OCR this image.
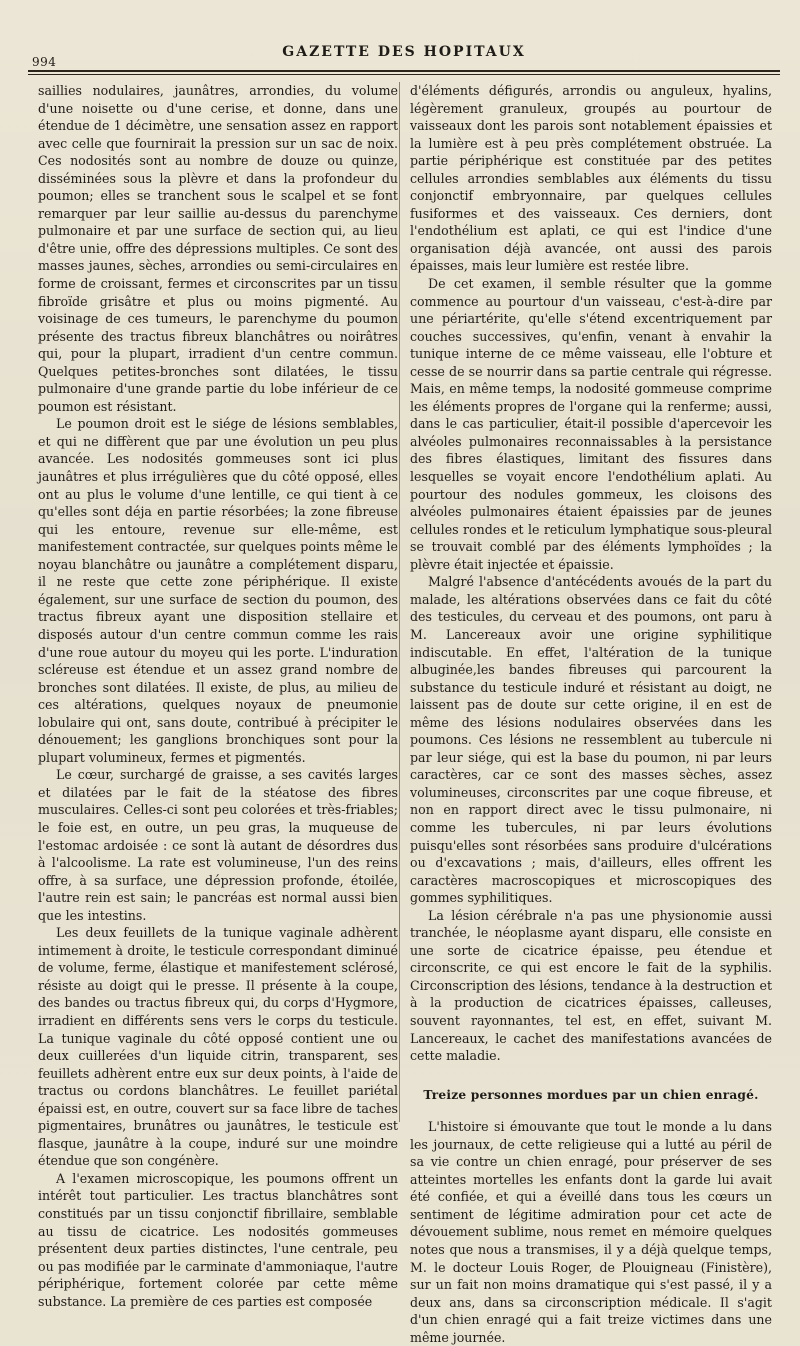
994
GAZETTE DES HOPITAUX

saillies nodulaires, jaunâtres, arrondies, du volume d'une noisette ou d'une cerise, et donne, dans une étendue de 1 décimètre, une sensation assez en rapport avec celle que fournirait la pression sur un sac de noix. Ces nodosités sont au nombre de douze ou quinze, disséminées sous la plèvre et dans la profondeur du poumon; elles se tranchent sous le scalpel et se font remarquer par leur saillie au-dessus du parenchyme pulmonaire et par une surface de section qui, au lieu d'être unie, offre des dépressions multiples. Ce sont des masses jaunes, sèches, arrondies ou semi-circulaires en forme de croissant, fermes et circonscrites par un tissu fibroïde grisâtre et plus ou moins pigmenté. Au voisinage de ces tumeurs, le parenchyme du poumon présente des tractus fibreux blanchâtres ou noirâtres qui, pour la plupart, irradient d'un centre commun. Quelques petites-bronches sont dilatées, le tissu pulmonaire d'une grande partie du lobe inférieur de ce poumon est résistant.

Le poumon droit est le siége de lésions semblables, et qui ne diffèrent que par une évolution un peu plus avancée. Les nodosités gommeuses sont ici plus jaunâtres et plus irrégulières que du côté opposé, elles ont au plus le volume d'une lentille, ce qui tient à ce qu'elles sont déja en partie résorbées; la zone fibreuse qui les entoure, revenue sur elle-même, est manifestement contractée, sur quelques points même le noyau blanchâtre ou jaunâtre a complétement disparu, il ne reste que cette zone périphérique. Il existe également, sur une surface de section du poumon, des tractus fibreux ayant une disposition stellaire et disposés autour d'un centre commun comme les rais d'une roue autour du moyeu qui les porte. L'induration scléreuse est étendue et un assez grand nombre de bronches sont dilatées. Il existe, de plus, au milieu de ces altérations, quelques noyaux de pneumonie lobulaire qui ont, sans doute, contribué à précipiter le dénouement; les ganglions bronchiques sont pour la plupart volumineux, fermes et pigmentés.

Le cœur, surchargé de graisse, a ses cavités larges et dilatées par le fait de la stéatose des fibres musculaires. Celles-ci sont peu colorées et très-friables; le foie est, en outre, un peu gras, la muqueuse de l'estomac ardoisée : ce sont là autant de désordres dus à l'alcoolisme. La rate est volumineuse, l'un des reins offre, à sa surface, une dépression profonde, étoilée, l'autre rein est sain; le pancréas est normal aussi bien que les intestins.

Les deux feuillets de la tunique vaginale adhèrent intimement à droite, le testicule correspondant diminué de volume, ferme, élastique et manifestement sclérosé, résiste au doigt qui le presse. Il présente à la coupe, des bandes ou tractus fibreux qui, du corps d'Hygmore, irradient en différents sens vers le corps du testicule. La tunique vaginale du côté opposé contient une ou deux cuillerées d'un liquide citrin, transparent, ses feuillets adhèrent entre eux sur deux points, à l'aide de tractus ou cordons blanchâtres. Le feuillet pariétal épaissi est, en outre, couvert sur sa face libre de taches pigmentaires, brunâtres ou jaunâtres, le testicule est flasque, jaunâtre à la coupe, induré sur une moindre étendue que son congénère.

A l'examen microscopique, les poumons offrent un intérêt tout particulier. Les tractus blanchâtres sont constitués par un tissu conjonctif fibrillaire, semblable au tissu de cicatrice. Les nodosités gommeuses présentent deux parties distinctes, l'une centrale, peu ou pas modifiée par le carminate d'ammoniaque, l'autre périphérique, fortement colorée par cette même substance. La première de ces parties est composée

d'éléments défigurés, arrondis ou anguleux, hyalins, légèrement granuleux, groupés au pourtour de vaisseaux dont les parois sont notablement épaissies et la lumière est à peu près complétement obstruée. La partie périphérique est constituée par des petites cellules arrondies semblables aux éléments du tissu conjonctif embryonnaire, par quelques cellules fusiformes et des vaisseaux. Ces derniers, dont l'endothélium est aplati, ce qui est l'indice d'une organisation déjà avancée, ont aussi des parois épaisses, mais leur lumière est restée libre.

De cet examen, il semble résulter que la gomme commence au pourtour d'un vaisseau, c'est-à-dire par une périartérite, qu'elle s'étend excentriquement par couches successives, qu'enfin, venant à envahir la tunique interne de ce même vaisseau, elle l'obture et cesse de se nourrir dans sa partie centrale qui régresse. Mais, en même temps, la nodosité gommeuse comprime les éléments propres de l'organe qui la renferme; aussi, dans le cas particulier, était-il possible d'apercevoir les alvéoles pulmonaires reconnaissables à la persistance des fibres élastiques, limitant des fissures dans lesquelles se voyait encore l'endothélium aplati. Au pourtour des nodules gommeux, les cloisons des alvéoles pulmonaires étaient épaissies par de jeunes cellules rondes et le reticulum lymphatique sous-pleural se trouvait comblé par des éléments lymphoïdes ; la plèvre était injectée et épaissie.

Malgré l'absence d'antécédents avoués de la part du malade, les altérations observées dans ce fait du côté des testicules, du cerveau et des poumons, ont paru à M. Lancereaux avoir une origine syphilitique indiscutable. En effet, l'altération de la tunique albuginée,les bandes fibreuses qui parcourent la substance du testicule induré et résistant au doigt, ne laissent pas de doute sur cette origine, il en est de même des lésions nodulaires observées dans les poumons. Ces lésions ne ressemblent au tubercule ni par leur siége, qui est la base du poumon, ni par leurs caractères, car ce sont des masses sèches, assez volumineuses, circonscrites par une coque fibreuse, et non en rapport direct avec le tissu pulmonaire, ni comme les tubercules, ni par leurs évolutions puisqu'elles sont résorbées sans produire d'ulcérations ou d'excavations ; mais, d'ailleurs, elles offrent les caractères macroscopiques et microscopiques des gommes syphilitiques.

La lésion cérébrale n'a pas une physionomie aussi tranchée, le néoplasme ayant disparu, elle consiste en une sorte de cicatrice épaisse, peu étendue et circonscrite, ce qui est encore le fait de la syphilis. Circonscription des lésions, tendance à la destruction et à la production de cicatrices épaisses, calleuses, souvent rayonnantes, tel est, en effet, suivant M. Lancereaux, le cachet des manifestations avancées de cette maladie.

Treize personnes mordues par un chien enragé.

L'histoire si émouvante que tout le monde a lu dans les journaux, de cette religieuse qui a lutté au péril de sa vie contre un chien enragé, pour préserver de ses atteintes mortelles les enfants dont la garde lui avait été confiée, et qui a éveillé dans tous les cœurs un sentiment de légitime admiration pour cet acte de dévouement sublime, nous remet en mémoire quelques notes que nous a transmises, il y a déjà quelque temps, M. le docteur Louis Roger, de Plouigneau (Finistère), sur un fait non moins dramatique qui s'est passé, il y a deux ans, dans sa circonscription médicale. Il s'agit d'un chien enragé qui a fait treize victimes dans une même journée.
